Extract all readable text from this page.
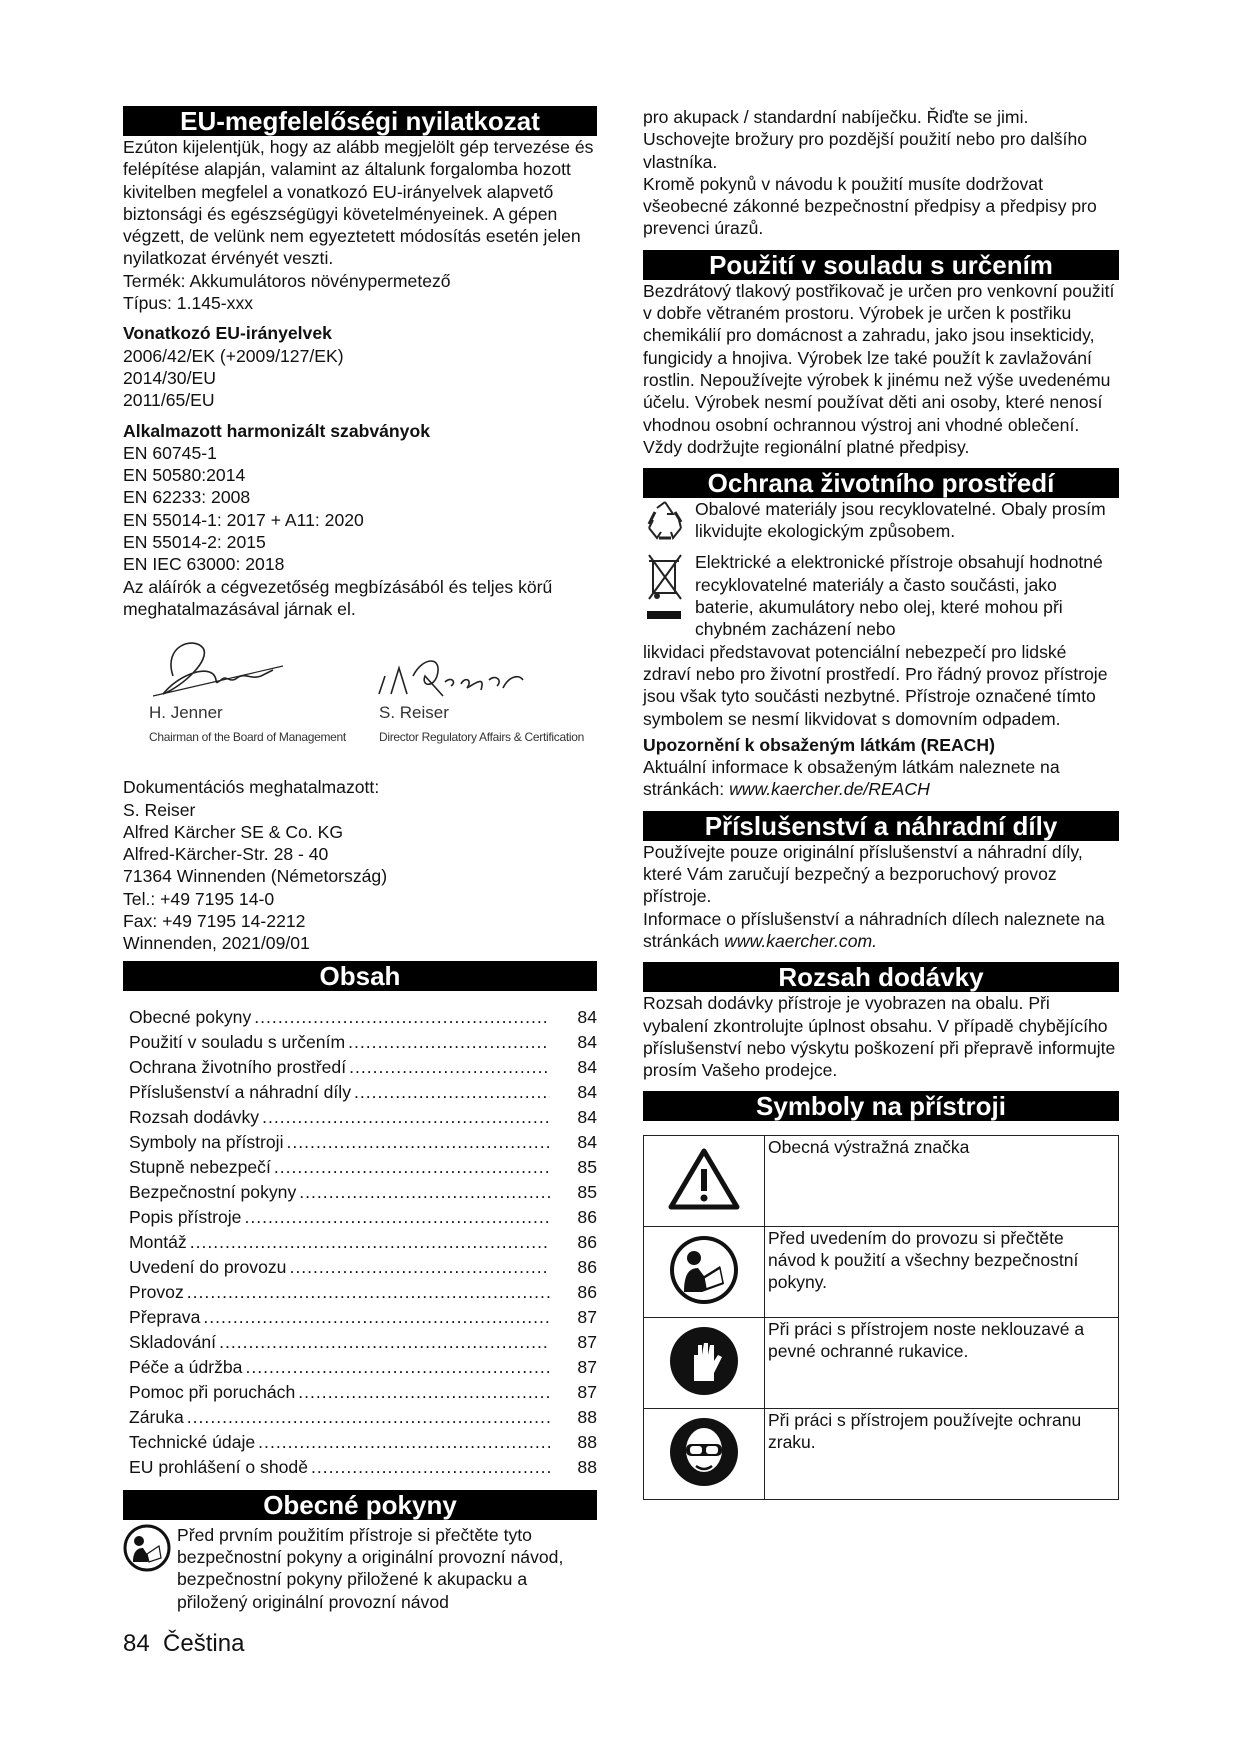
EU-megfelelőségi nyilatkozat

Ezúton kijelentjük, hogy az alább megjelölt gép tervezése és felépítése alapján, valamint az általunk forgalomba hozott kivitelben megfelel a vonatkozó EU-irányelvek alapvető biztonsági és egészségügyi követelményeinek. A gépen végzett, de velünk nem egyeztetett módosítás esetén jelen nyilatkozat érvényét veszti.

Termék: Akkumulátoros növénypermetező

Típus: 1.145-xxx

Vonatkozó EU-irányelvek

2006/42/EK (+2009/127/EK)

2014/30/EU

2011/65/EU

Alkalmazott harmonizált szabványok

EN 60745-1

EN 50580:2014

EN 62233: 2008

EN 55014-1: 2017 + A11: 2020

EN 55014-2: 2015

EN IEC 63000: 2018

Az aláírók a cégvezetőség megbízásából és teljes körű meghatalmazásával járnak el.

H. Jenner
Chairman of the Board of Management
S. Reiser
Director Regulatory Affairs & Certification

Dokumentációs meghatalmazott:

S. Reiser

Alfred Kärcher SE & Co. KG

Alfred-Kärcher-Str. 28 - 40

71364 Winnenden (Németország)

Tel.: +49 7195 14-0

Fax: +49 7195 14-2212

Winnenden, 2021/09/01

Obsah
Obecné pokyny .....	84
Použití v souladu s určením .....	84
Ochrana životního prostředí .....	84
Příslušenství a náhradní díly .....	84
Rozsah dodávky .....	84
Symboly na přístroji .....	84
Stupně nebezpečí .....	85
Bezpečnostní pokyny .....	85
Popis přístroje .....	86
Montáž .....	86
Uvedení do provozu .....	86
Provoz .....	86
Přeprava .....	87
Skladování .....	87
Péče a údržba .....	87
Pomoc při poruchách .....	87
Záruka .....	88
Technické údaje .....	88
EU prohlášení o shodě .....	88
Obecné pokyny

Před prvním použitím přístroje si přečtěte tyto bezpečnostní pokyny a originální provozní návod, bezpečnostní pokyny přiložené k akupacku a přiložený originální provozní návod

pro akupack / standardní nabíječku. Řiďte se jimi. Uschovejte brožury pro pozdější použití nebo pro dalšího vlastníka.

Kromě pokynů v návodu k použití musíte dodržovat všeobecné zákonné bezpečnostní předpisy a předpisy pro prevenci úrazů.

Použití v souladu s určením

Bezdrátový tlakový postřikovač je určen pro venkovní použití v dobře větraném prostoru. Výrobek je určen k postřiku chemikálií pro domácnost a zahradu, jako jsou insekticidy, fungicidy a hnojiva. Výrobek lze také použít k zavlažování rostlin. Nepoužívejte výrobek k jinému než výše uvedenému účelu. Výrobek nesmí používat děti ani osoby, které nenosí vhodnou osobní ochrannou výstroj ani vhodné oblečení.

Vždy dodržujte regionální platné předpisy.

Ochrana životního prostředí

Obalové materiály jsou recyklovatelné. Obaly prosím likvidujte ekologickým způsobem.

Elektrické a elektronické přístroje obsahují hodnotné recyklovatelné materiály a často součásti, jako baterie, akumulátory nebo olej, které mohou při chybném zacházení nebo

likvidaci představovat potenciální nebezpečí pro lidské zdraví nebo pro životní prostředí. Pro řádný provoz přístroje jsou však tyto součásti nezbytné. Přístroje označené tímto symbolem se nesmí likvidovat s domovním odpadem.

Upozornění k obsaženým látkám (REACH)

Aktuální informace k obsaženým látkám naleznete na stránkách: www.kaercher.de/REACH

Příslušenství a náhradní díly

Používejte pouze originální příslušenství a náhradní díly, které Vám zaručují bezpečný a bezporuchový provoz přístroje.

Informace o příslušenství a náhradních dílech naleznete na stránkách www.kaercher.com.

Rozsah dodávky

Rozsah dodávky přístroje je vyobrazen na obalu. Při vybalení zkontrolujte úplnost obsahu. V případě chybějícího příslušenství nebo výskytu poškození při přepravě informujte prosím Vašeho prodejce.

Symboly na přístroji
	Obecná výstražná značka
	Před uvedením do provozu si přečtěte návod k použití a všechny bezpečnostní pokyny.
	Při práci s přístrojem noste neklouzavé a pevné ochranné rukavice.
	Při práci s přístrojem používejte ochranu zraku.
84 Čeština
